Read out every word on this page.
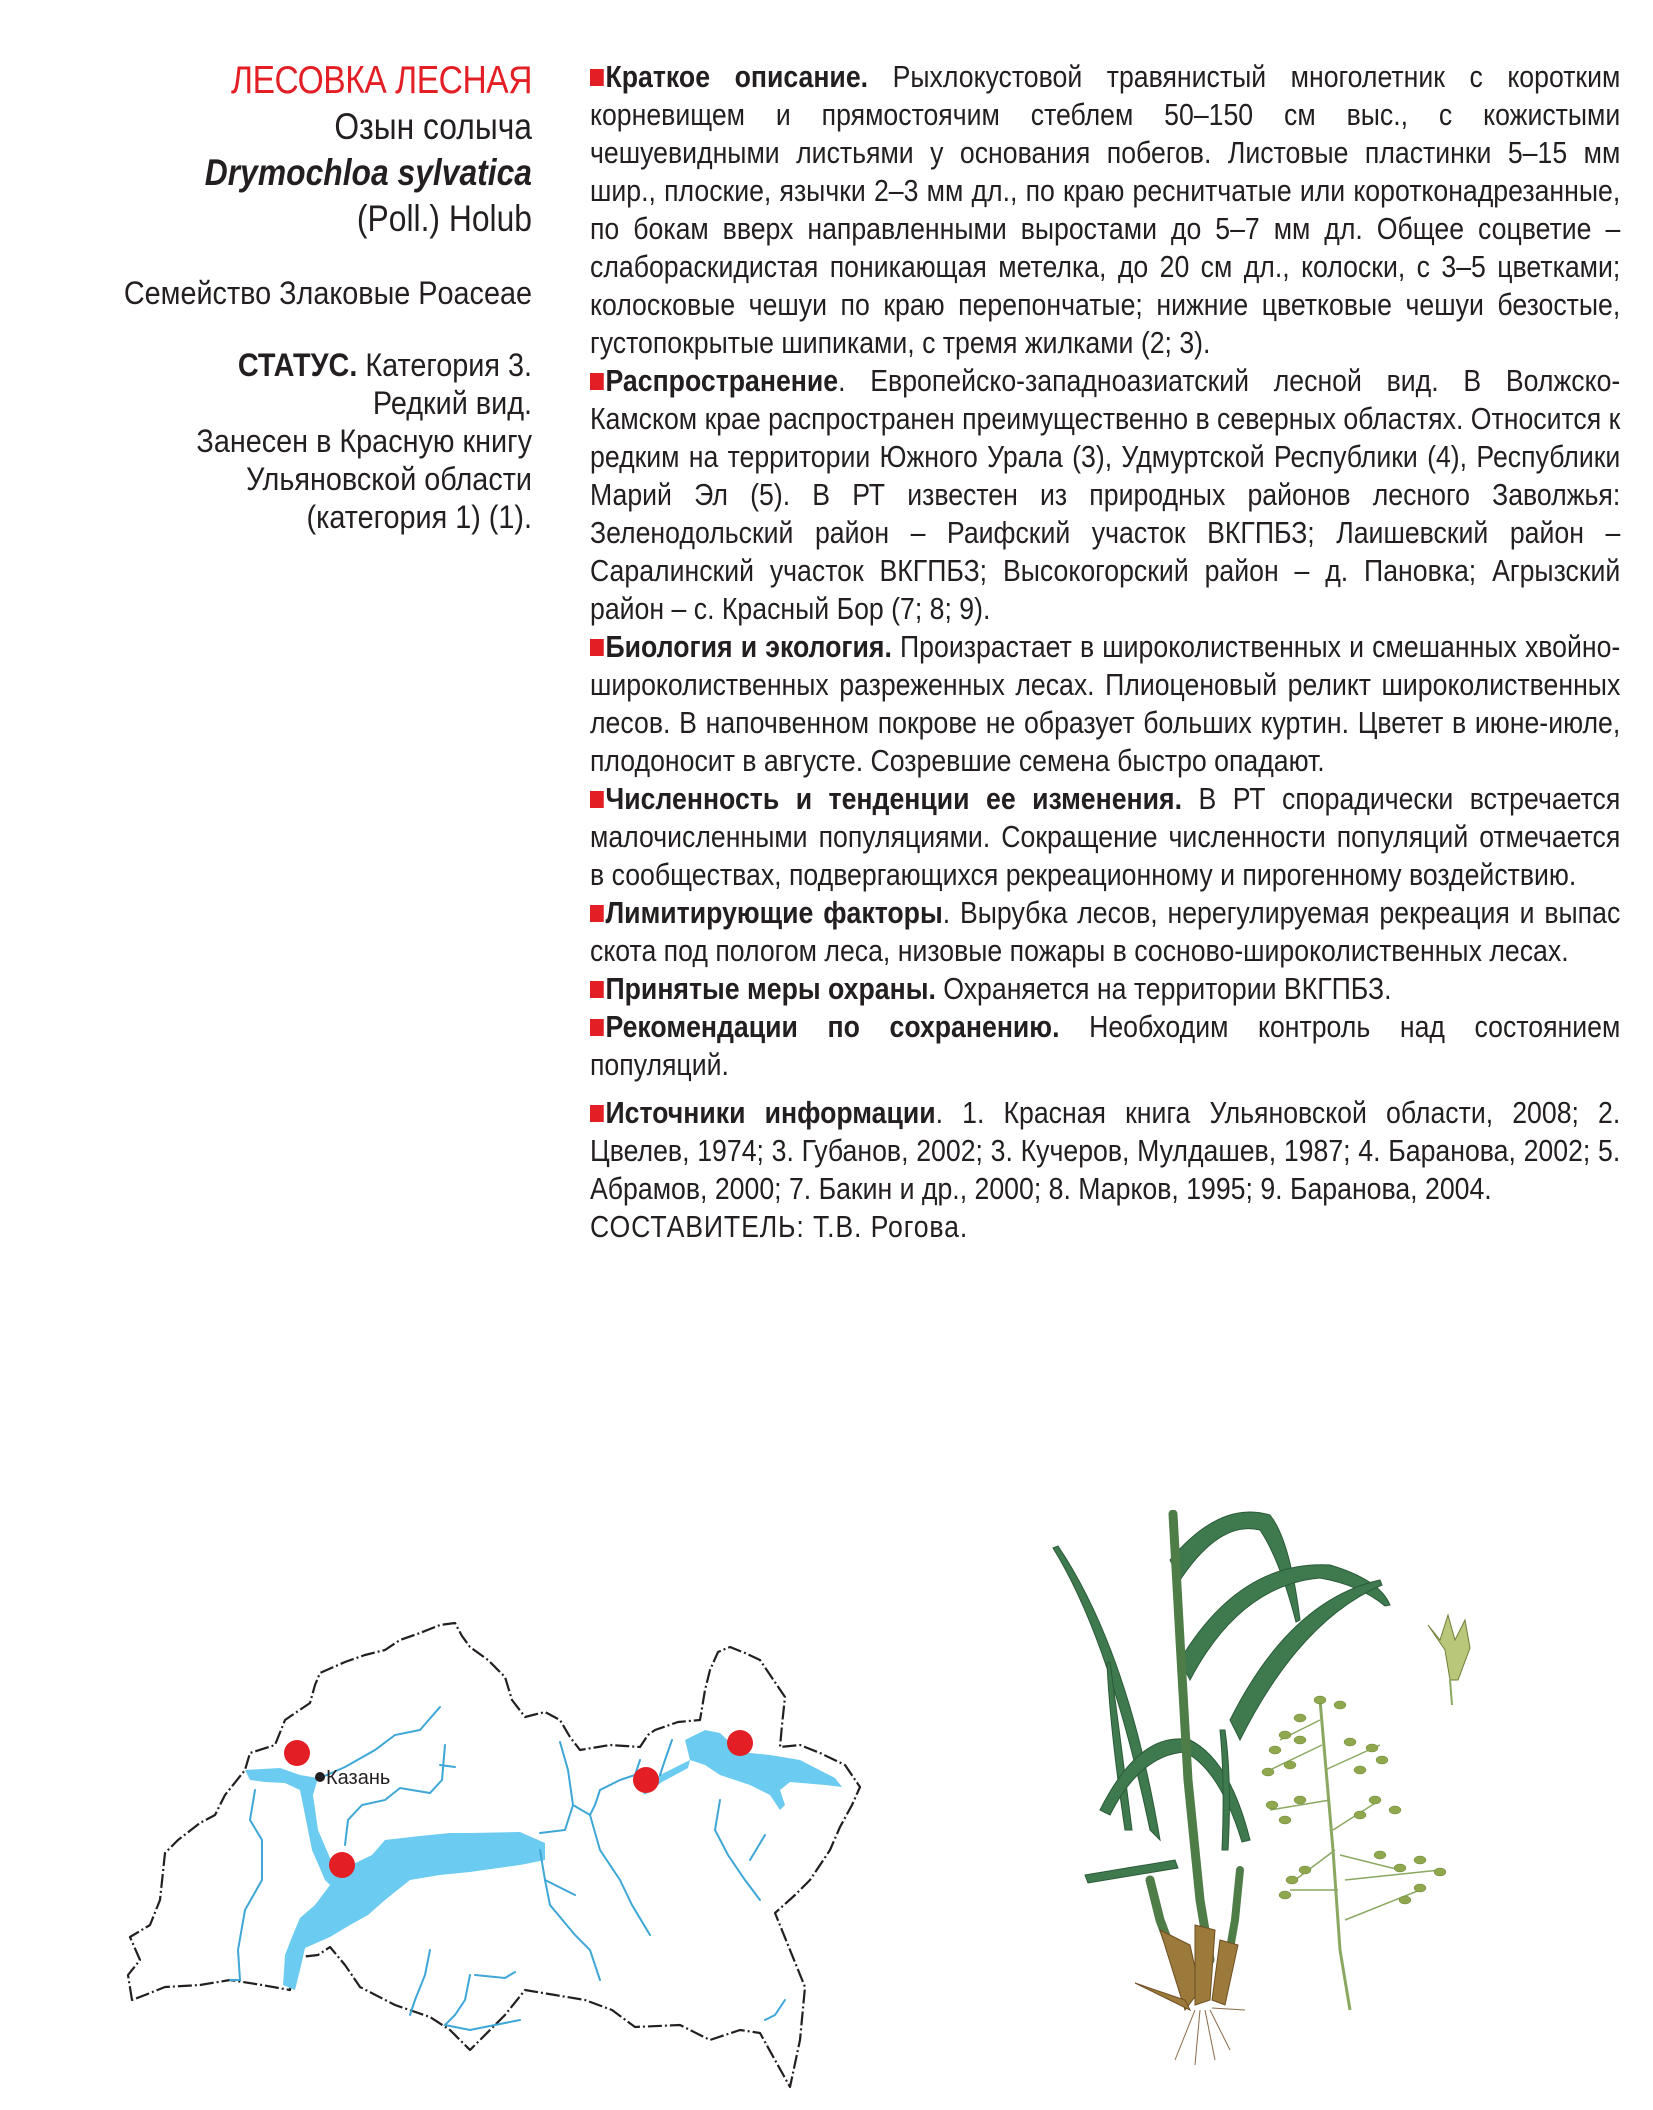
ЛЕСОВКА ЛЕСНАЯ
Озын солыча
Drymochloa sylvatica
(Poll.) Holub
Семейство Злаковые Poaceae
СТАТУС. Категория 3.
Редкий вид.
Занесен в Красную книгу
Ульяновской области
(категория 1) (1).
Краткое описание. Рыхлокустовой травянистый многолетник с коротким корневищем и прямостоячим стеблем 50–150 см выс., с кожистыми чешуевидными листьями у основания побегов. Листовые пластинки 5–15 мм шир., плоские, язычки 2–3 мм дл., по краю реснитчатые или коротконадрезанные, по бокам вверх направленными выростами до 5–7 мм дл. Общее соцветие – слабораскидистая поникающая метелка, до 20 см дл., колоски, с 3–5 цветками; колосковые чешуи по краю перепончатые; нижние цветковые чешуи безостые, густопокрытые шипиками, с тремя жилками (2; 3).
Распространение. Европейско-западноазиатский лесной вид. В Волжско-Камском крае распространен преимущественно в северных областях. Относится к редким на территории Южного Урала (3), Удмуртской Республики (4), Республики Марий Эл (5). В РТ известен из природных районов лесного Заволжья: Зеленодольский район – Раифский участок ВКГПБЗ; Лаишевский район – Саралинский участок ВКГПБЗ; Высокогорский район – д. Пановка; Агрызский район – с. Красный Бор (7; 8; 9).
Биология и экология. Произрастает в широколиственных и смешанных хвойно-широколиственных разреженных лесах. Плиоценовый реликт широколиственных лесов. В напочвенном покрове не образует больших куртин. Цветет в июне-июле, плодоносит в августе. Созревшие семена быстро опадают.
Численность и тенденции ее изменения. В РТ спорадически встречается малочисленными популяциями. Сокращение численности популяций отмечается в сообществах, подвергающихся рекреационному и пирогенному воздействию.
Лимитирующие факторы. Вырубка лесов, нерегулируемая рекреация и выпас скота под пологом леса, низовые пожары в сосново-широколиственных лесах.
Принятые меры охраны. Охраняется на территории ВКГПБЗ.
Рекомендации по сохранению. Необходим контроль над состоянием популяций.
Источники информации. 1. Красная книга Ульяновской области, 2008; 2. Цвелев, 1974; 3. Губанов, 2002; 3. Кучеров, Мулдашев, 1987; 4. Баранова, 2002; 5. Абрамов, 2000; 7. Бакин и др., 2000; 8. Марков, 1995; 9. Баранова, 2004.
СОСТАВИТЕЛЬ: Т.В. Рогова.
Казань
